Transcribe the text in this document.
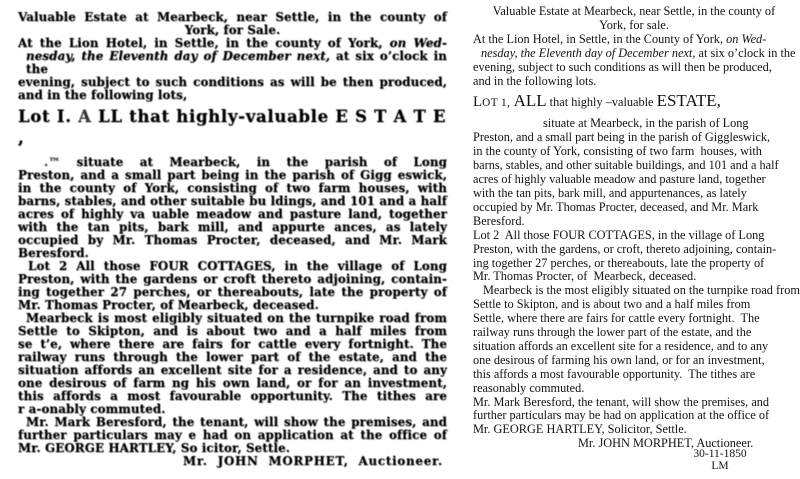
Valuable Estate at Mearbeck, near Settle, in the county of
York, for Sale.
At the Lion Hotel, in Settle, in the county of York, on Wed-
nesday, the Eleventh day of December next, at six o’clock in the
evening, subject to such conditions as will be then produced,
and in the following lots,
Lot I. A LL that highly-valuable E S T A T E ,
.™ situate at Mearbeck, in the parish of Long
Preston, and a small part being in the parish of Gigg eswick,
in the county of York, consisting of two farm houses, with
barns, stables, and other suitable bu ldings, and 101 and a half
acres of highly va uable meadow and pasture land, together
with the tan pits, bark mill, and appurte ances, as lately
occupied by Mr. Thomas Procter, deceased, and Mr. Mark
Beresford.
Lot 2 All those FOUR COTTAGES, in the village of Long
Preston, with the gardens or croft thereto adjoining, contain-
ing together 27 perches, or thereabouts, late the property of
Mr. Thomas Procter, of Mearbeck, deceased.
Mearbeck is most eligibly situated on the turnpike road from
Settle to Skipton, and is about two and a half miles from
se t’e, where there are fairs for cattle every fortnight. The
railway runs through the lower part of the estate, and the
situation affords an excellent site for a residence, and to any
one desirous of farm ng his own land, or for an investment,
this affords a most favourable opportunity. The tithes are
r a-onably commuted.
Mr. Mark Beresford, the tenant, will show the premises, and
further particulars may e had on application at the office of
Mr. GEORGE HARTLEY, So icitor, Settle.
Mr. JOHN MORPHET, Auctioneer.
Valuable Estate at Mearbeck, near Settle, in the county of
York, for sale.
At the Lion Hotel, in Settle, in the County of York, on Wed-
nesday, the Eleventh day of December next, at six o’clock in the
evening, subject to such conditions as will then be produced,
and in the following lots.
LOT 1, ALL that highly –valuable ESTATE,
situate at Mearbeck, in the parish of Long
Preston, and a small part being in the parish of Giggleswick,
in the county of York, consisting of two farm  houses, with
barns, stables, and other suitable buildings, and 101 and a half
acres of highly valuable meadow and pasture land, together
with the tan pits, bark mill, and appurtenances, as lately
occupied by Mr. Thomas Procter, deceased, and Mr. Mark
Beresford.
Lot 2  All those FOUR COTTAGES, in the village of Long
Preston, with the gardens, or croft, thereto adjoining, contain-
ing together 27 perches, or thereabouts, late the property of
Mr. Thomas Procter, of  Mearbeck, deceased.
Mearbeck is the most eligibly situated on the turnpike road from
Settle to Skipton, and is about two and a half miles from
Settle, where there are fairs for cattle every fortnight.  The
railway runs through the lower part of the estate, and the
situation affords an excellent site for a residence, and to any
one desirous of farming his own land, or for an investment,
this affords a most favourable opportunity.  The tithes are
reasonably commuted.
Mr. Mark Beresford, the tenant, will show the premises, and
further particulars may be had on application at the office of
Mr. GEORGE HARTLEY, Solicitor, Settle.
Mr. JOHN MORPHET, Auctioneer.
30-11-1850
LM
